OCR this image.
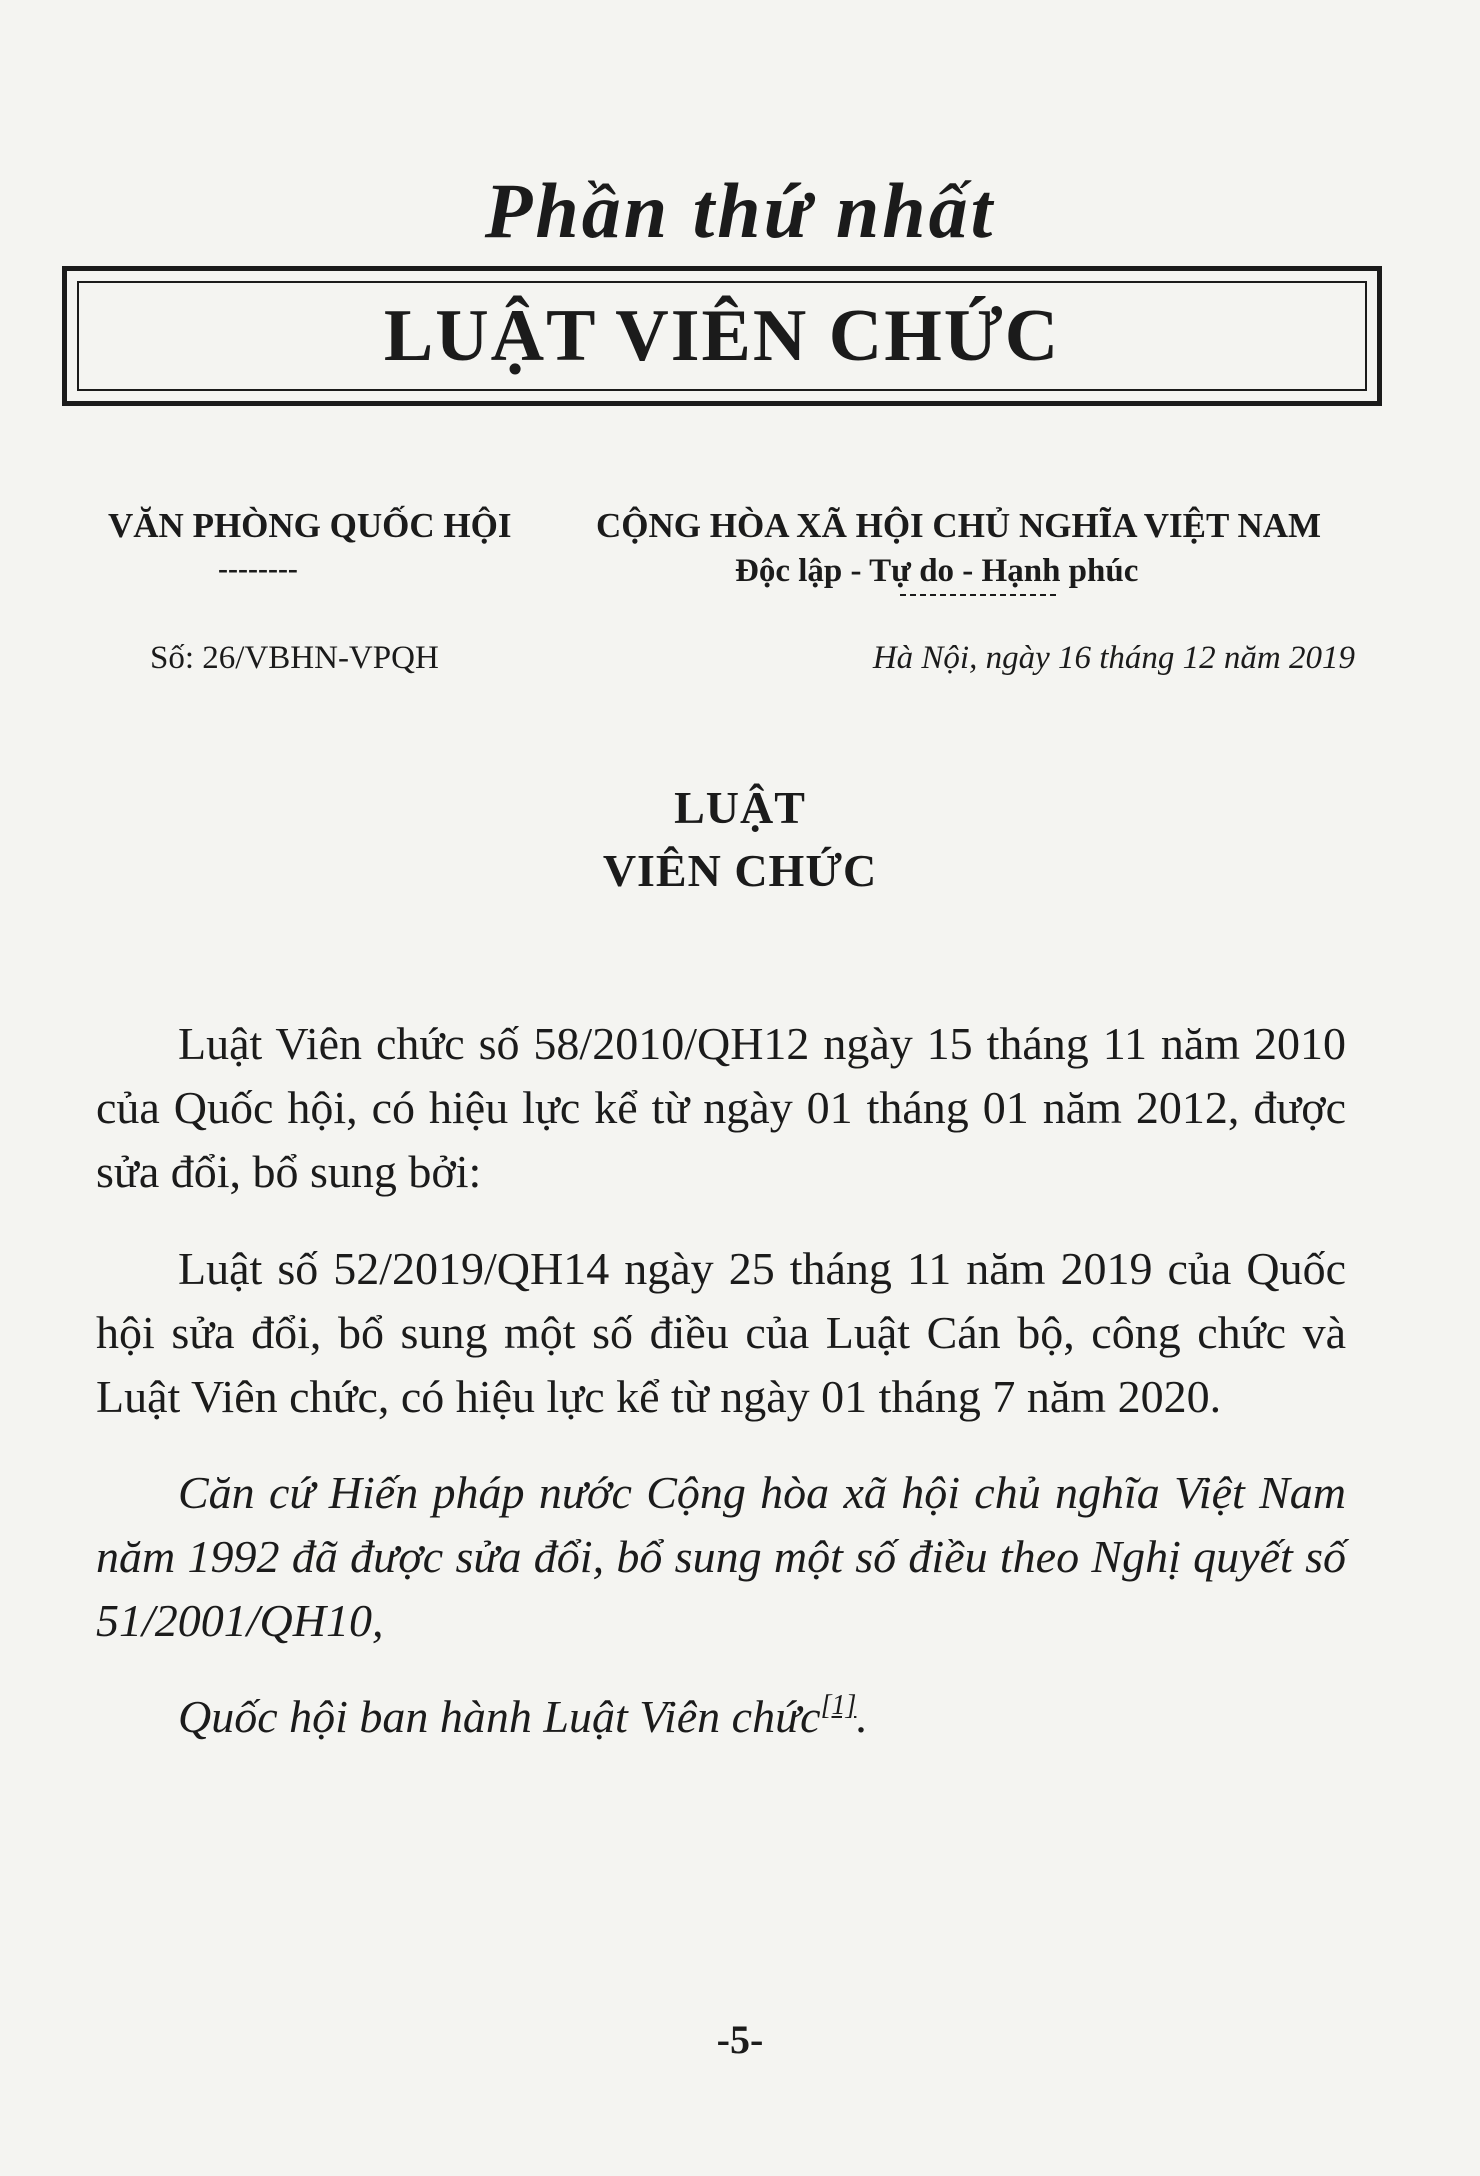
Phần thứ nhất
LUẬT VIÊN CHỨC
VĂN PHÒNG QUỐC HỘI
--------
CỘNG HÒA XÃ HỘI CHỦ NGHĨA VIỆT NAM
Độc lập - Tự do - Hạnh phúc
Số: 26/VBHN-VPQH	Hà Nội, ngày 16 tháng 12 năm 2019
LUẬT
VIÊN CHỨC

Luật Viên chức số 58/2010/QH12 ngày 15 tháng 11 năm 2010 của Quốc hội, có hiệu lực kể từ ngày 01 tháng 01 năm 2012, được sửa đổi, bổ sung bởi:

Luật số 52/2019/QH14 ngày 25 tháng 11 năm 2019 của Quốc hội sửa đổi, bổ sung một số điều của Luật Cán bộ, công chức và Luật Viên chức, có hiệu lực kể từ ngày 01 tháng 7 năm 2020.

Căn cứ Hiến pháp nước Cộng hòa xã hội chủ nghĩa Việt Nam năm 1992 đã được sửa đổi, bổ sung một số điều theo Nghị quyết số 51/2001/QH10,

Quốc hội ban hành Luật Viên chức[1].

-5-
